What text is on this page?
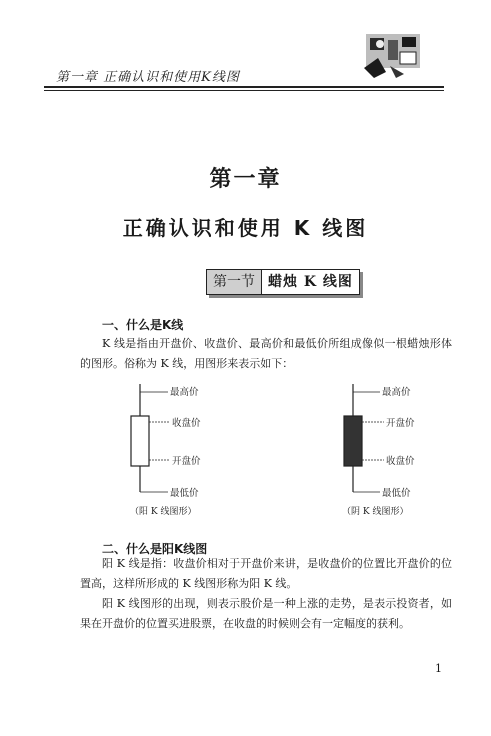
第一章 正确认识和使用K线图
第一章
正确认识和使用 K 线图
第一节 蜡烛 K 线图
一、什么是K线
K 线是指由开盘价、收盘价、最高价和最低价所组成像似一根蜡烛形体的图形。俗称为 K 线，用图形来表示如下：
最高价
收盘价
开盘价
最低价
（阳 K 线图形）
最高价
开盘价
收盘价
最低价
（阴 K 线图形）
二、什么是阳K线图
阳 K 线是指：收盘价相对于开盘价来讲，是收盘价的位置比开盘价的位置高，这样所形成的 K 线图形称为阳 K 线。
阳 K 线图形的出现，则表示股价是一种上涨的走势，是表示投资者，如果在开盘价的位置买进股票，在收盘的时候则会有一定幅度的获利。
1
